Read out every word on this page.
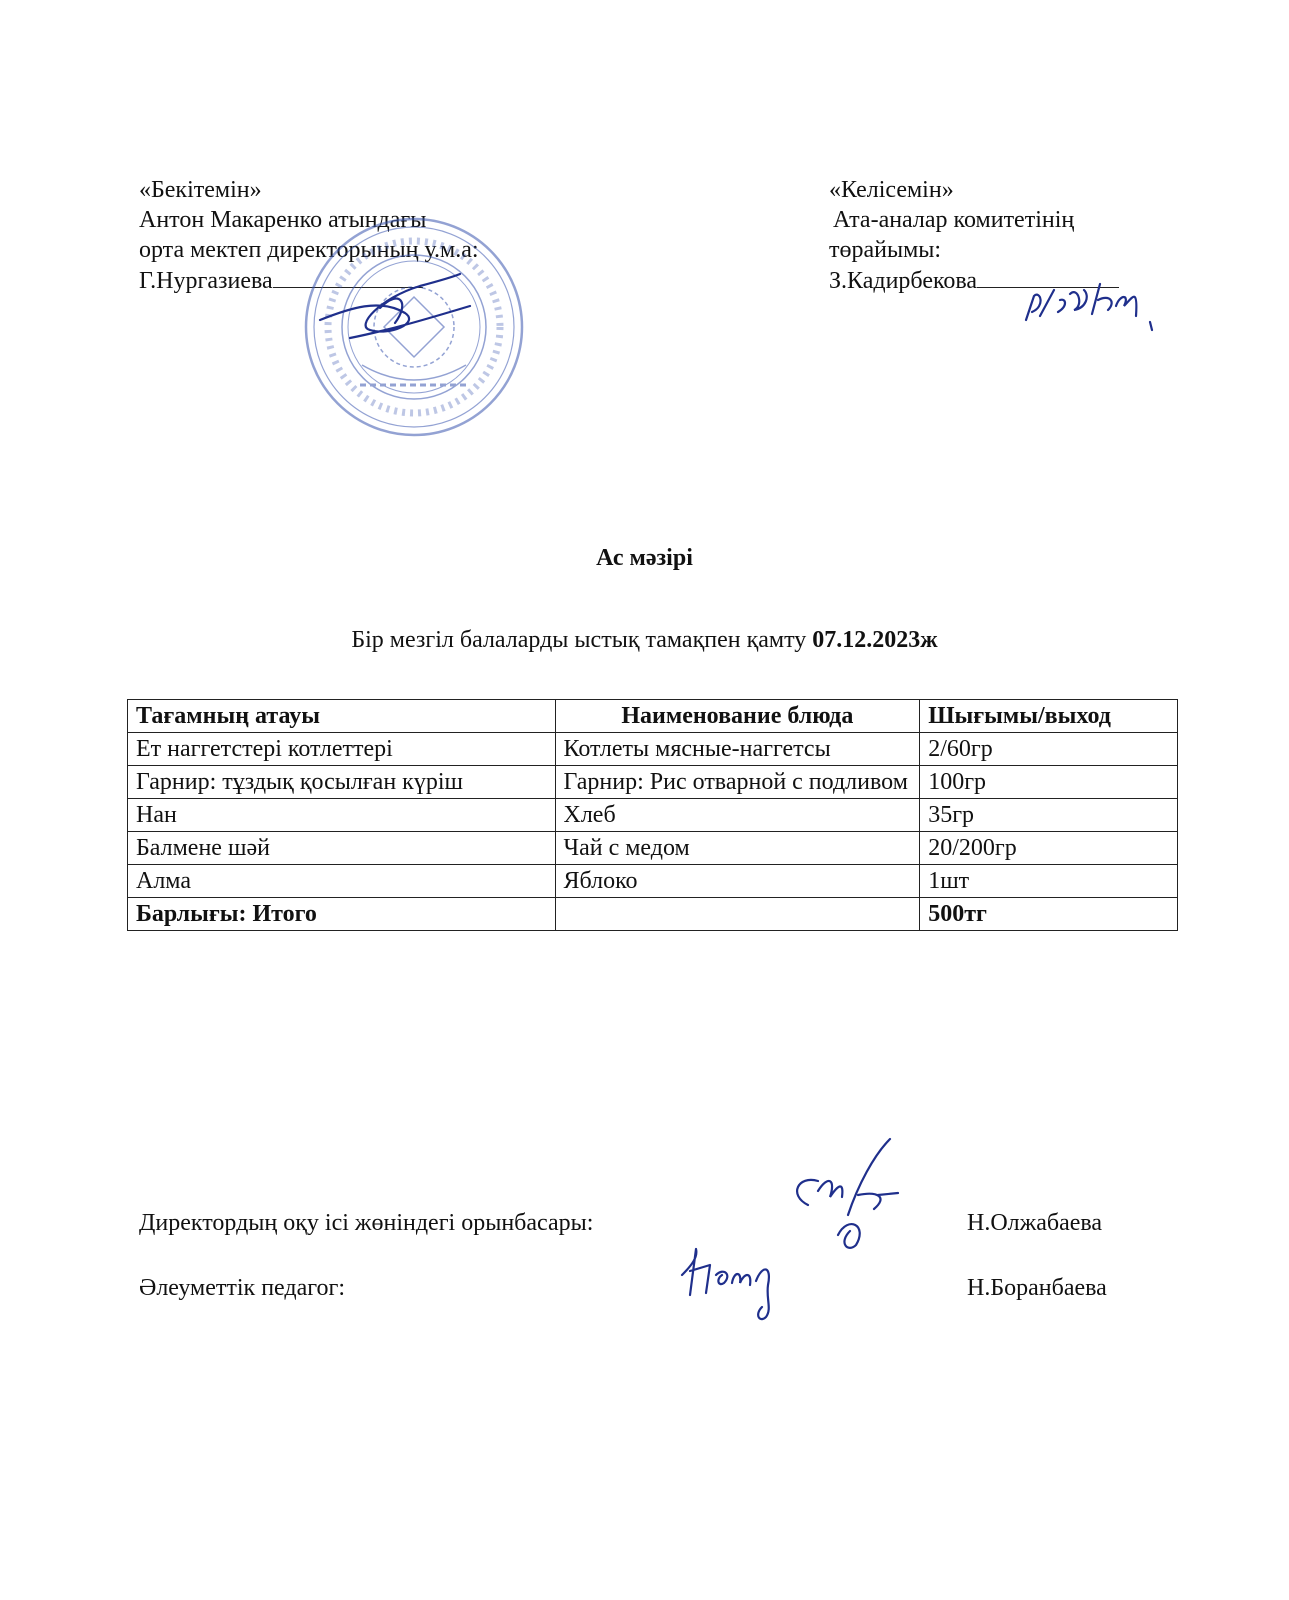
«Бекітемін»
Антон Макаренко атындағы
орта мектеп директорының у.м.а:
Г.Нургазиева
«Келісемін»
Ата-аналар комитетінің
төрайымы:
З.Кадирбекова
Ас мәзірі
Бір мезгіл балаларды ыстық тамақпен қамту 07.12.2023ж
Тағамның атауы	Наименование блюда	Шығымы/выход
Ет наггетстері котлеттері	Котлеты мясные-наггетсы	2/60гр
Гарнир: тұздық қосылған күріш	Гарнир: Рис отварной с подливом	100гр
Нан	Хлеб	35гр
Балмене шәй	Чай с медом	20/200гр
Алма	Яблоко	1шт
Барлығы: Итого		500тг
Директордың оқу ісі жөніндегі орынбасары:	Н.Олжабаева
Әлеуметтік педагог:	Н.Боранбаева
